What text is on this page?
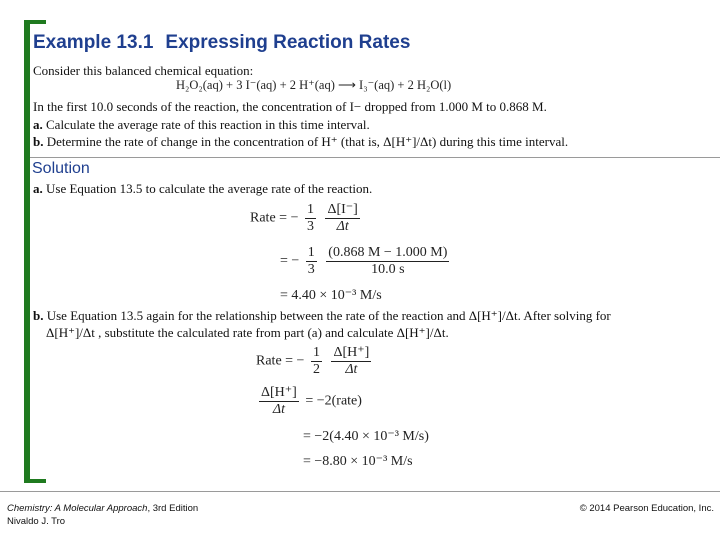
Example 13.1 Expressing Reaction Rates
Consider this balanced chemical equation:
H₂O₂(aq) + 3 I⁻(aq) + 2 H⁺(aq) ⟶ I₃⁻(aq) + 2 H₂O(l)
In the first 10.0 seconds of the reaction, the concentration of I− dropped from 1.000 M to 0.868 M.
a. Calculate the average rate of this reaction in this time interval.
b. Determine the rate of change in the concentration of H⁺ (that is, Δ[H⁺]/Δt) during this time interval.
Solution
a. Use Equation 13.5 to calculate the average rate of the reaction.
Rate = − $\frac{1}{3}$
$\frac{\Delta[I^-]}{\Delta t}$
= − $\frac{1}{3}$
$\frac{(0.868 M - 1.000 M)}{10.0 s}$
= 4.40 × 10⁻³ M/s
b. Use Equation 13.5 again for the relationship between the rate of the reaction and Δ[H⁺]/Δt. After solving for
Δ[H⁺]/Δt , substitute the calculated rate from part (a) and calculate Δ[H⁺]/Δt.
Rate = − $\frac{1}{2}$
$\frac{\Delta[H^+]}{\Delta t}$
$\frac{\Delta[H^+]}{\Delta t}$ = −2(rate)
= −2(4.40 × 10⁻³ M/s)
= −8.80 × 10⁻³ M/s
Chemistry: A Molecular Approach, 3rd Edition
Nivaldo J. Tro
© 2014 Pearson Education, Inc.
